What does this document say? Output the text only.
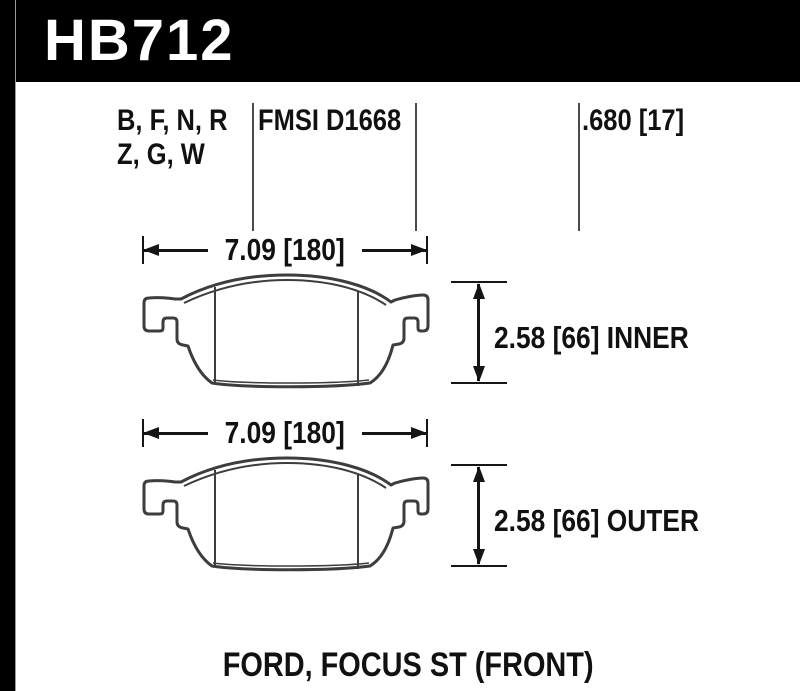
HB712
B, F, N, R
Z, G, W
FMSI D1668	.680 [17]
7.09 [180]
2.58 [66] INNER
7.09 [180]
2.58 [66] OUTER
FORD, FOCUS ST (FRONT)
